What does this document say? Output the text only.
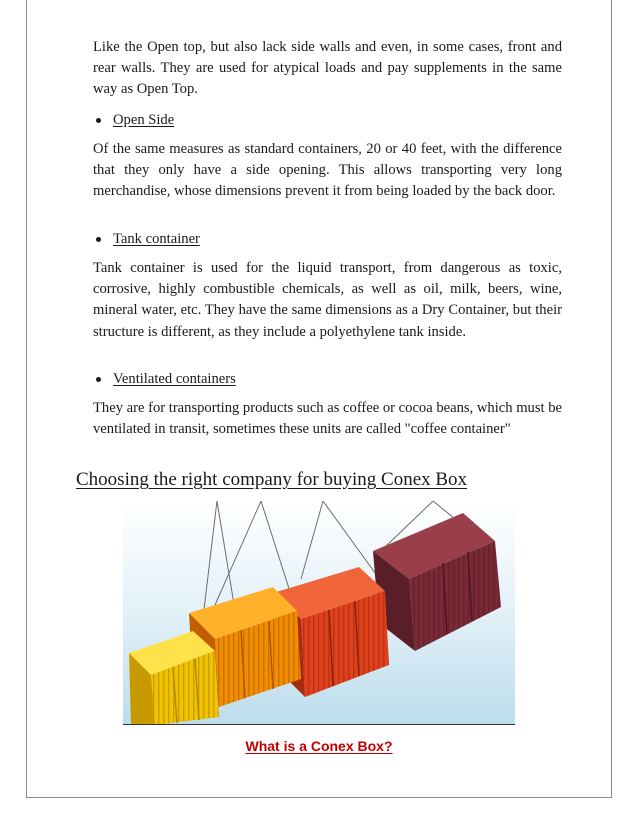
Like the Open top, but also lack side walls and even, in some cases, front and rear walls. They are used for atypical loads and pay supplements in the same way as Open Top.

Open Side

Of the same measures as standard containers, 20 or 40 feet, with the difference that they only have a side opening. This allows transporting very long merchandise, whose dimensions prevent it from being loaded by the back door.

Tank container

Tank container is used for the liquid transport, from dangerous as toxic, corrosive, highly combustible chemicals, as well as oil, milk, beers, wine, mineral water, etc. They have the same dimensions as a Dry Container, but their structure is different, as they include a polyethylene tank inside.

Ventilated containers

They are for transporting products such as coffee or cocoa beans, which must be ventilated in transit, sometimes these units are called "coffee container"

Choosing the right company for buying Conex Box
What is a Conex Box?
